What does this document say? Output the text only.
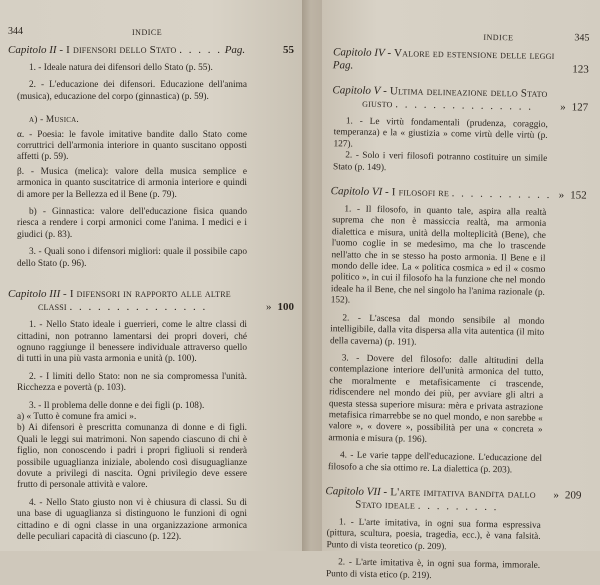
344	INDICE
Capitolo II - I difensori dello Stato . . . . . Pag.	55
1. - Ideale natura dei difensori dello Stato (p. 55).
2. - L'educazione dei difensori. Educazione dell'anima (musica), educazione del corpo (ginnastica) (p. 59).
a) - Musica.
α. - Poesia: le favole imitative bandite dallo Stato come corruttrici dell'armonia interiore in quanto suscitano opposti affetti (p. 59).
β. - Musica (melica): valore della musica semplice e armonica in quanto suscitatrice di armonia interiore e quindi di amore per la Bellezza ed il Bene (p. 79).
b) - Ginnastica: valore dell'educazione fisica quando riesca a rendere i corpi armonici come l'anima. I medici e i giudici (p. 83).
3. - Quali sono i difensori migliori: quale il possibile capo dello Stato (p. 96).
Capitolo III - I difensori in rapporto alle altre
classi . . . . . . . . . . . . . . .	» 100
1. - Nello Stato ideale i guerrieri, come le altre classi di cittadini, non potranno lamentarsi dei propri doveri, ché ognuno raggiunge il benessere individuale attraverso quello di tutti in una più vasta armonia e unità (p. 100).
2. - I limiti dello Stato: non ne sia compromessa l'unità. Ricchezza e povertà (p. 103).
3. - Il problema delle donne e dei figli (p. 108).
a) « Tutto è comune fra amici ».
b) Ai difensori è prescritta comunanza di donne e di figli. Quali le leggi sui matrimoni. Non sapendo ciascuno di chi è figlio, non conoscendo i padri i propri figliuoli si renderà possibile uguaglianza iniziale, abolendo così disuguaglianze dovute a privilegi di nascita. Ogni privilegio deve essere frutto di personale attività e valore.
4. - Nello Stato giusto non vi è chiusura di classi. Su di una base di uguaglianza si distinguono le funzioni di ogni cittadino e di ogni classe in una organizzazione armonica delle peculiari capacità di ciascuno (p. 122).
INDICE	345
Capitolo IV - Valore ed estensione delle leggi Pag.	123
Capitolo V - Ultima delineazione dello Stato
giusto . . . . . . . . . . . . . . .	» 127
1. - Le virtù fondamentali (prudenza, coraggio, temperanza) e la « giustizia » come virtù delle virtù (p. 127).
2. - Solo i veri filosofi potranno costituire un simile Stato (p. 149).
Capitolo VI - I filosofi re . . . . . . . . . . . » 152
1. - Il filosofo, in quanto tale, aspira alla realtà suprema che non è massiccia realtà, ma armonia dialettica e misura, unità della molteplicità (Bene), che l'uomo coglie in se medesimo, ma che lo trascende nell'atto che in se stesso ha posto armonia. Il Bene e il mondo delle idee. La « politica cosmica » ed il « cosmo politico », in cui il filosofo ha la funzione che nel mondo ideale ha il Bene, che nel singolo ha l'anima razionale (p. 152).
2. - L'ascesa dal mondo sensibile al mondo intelligibile, dalla vita dispersa alla vita autentica (il mito della caverna) (p. 191).
3. - Dovere del filosofo: dalle altitudini della contemplazione interiore dell'unità armonica del tutto, che moralmente e metafisicamente ci trascende, ridiscendere nel mondo dei più, per avviare gli altri a questa stessa superiore misura: mèra e privata astrazione metafisica rimarrebbe se no quel mondo, e non sarebbe « valore », « dovere », possibilità per una « concreta » armonia e misura (p. 196).
4. - Le varie tappe dell'educazione. L'educazione del filosofo a che sia ottimo re. La dialettica (p. 203).
Capitolo VII - L'arte imitativa bandita dallo	» 209
Stato ideale . . . . . . . . .
1. - L'arte imitativa, in ogni sua forma espressiva (pittura, scultura, poesia, tragedia, ecc.), è vana falsità. Punto di vista teoretico (p. 209).
2. - L'arte imitativa è, in ogni sua forma, immorale. Punto di vista etico (p. 219).
